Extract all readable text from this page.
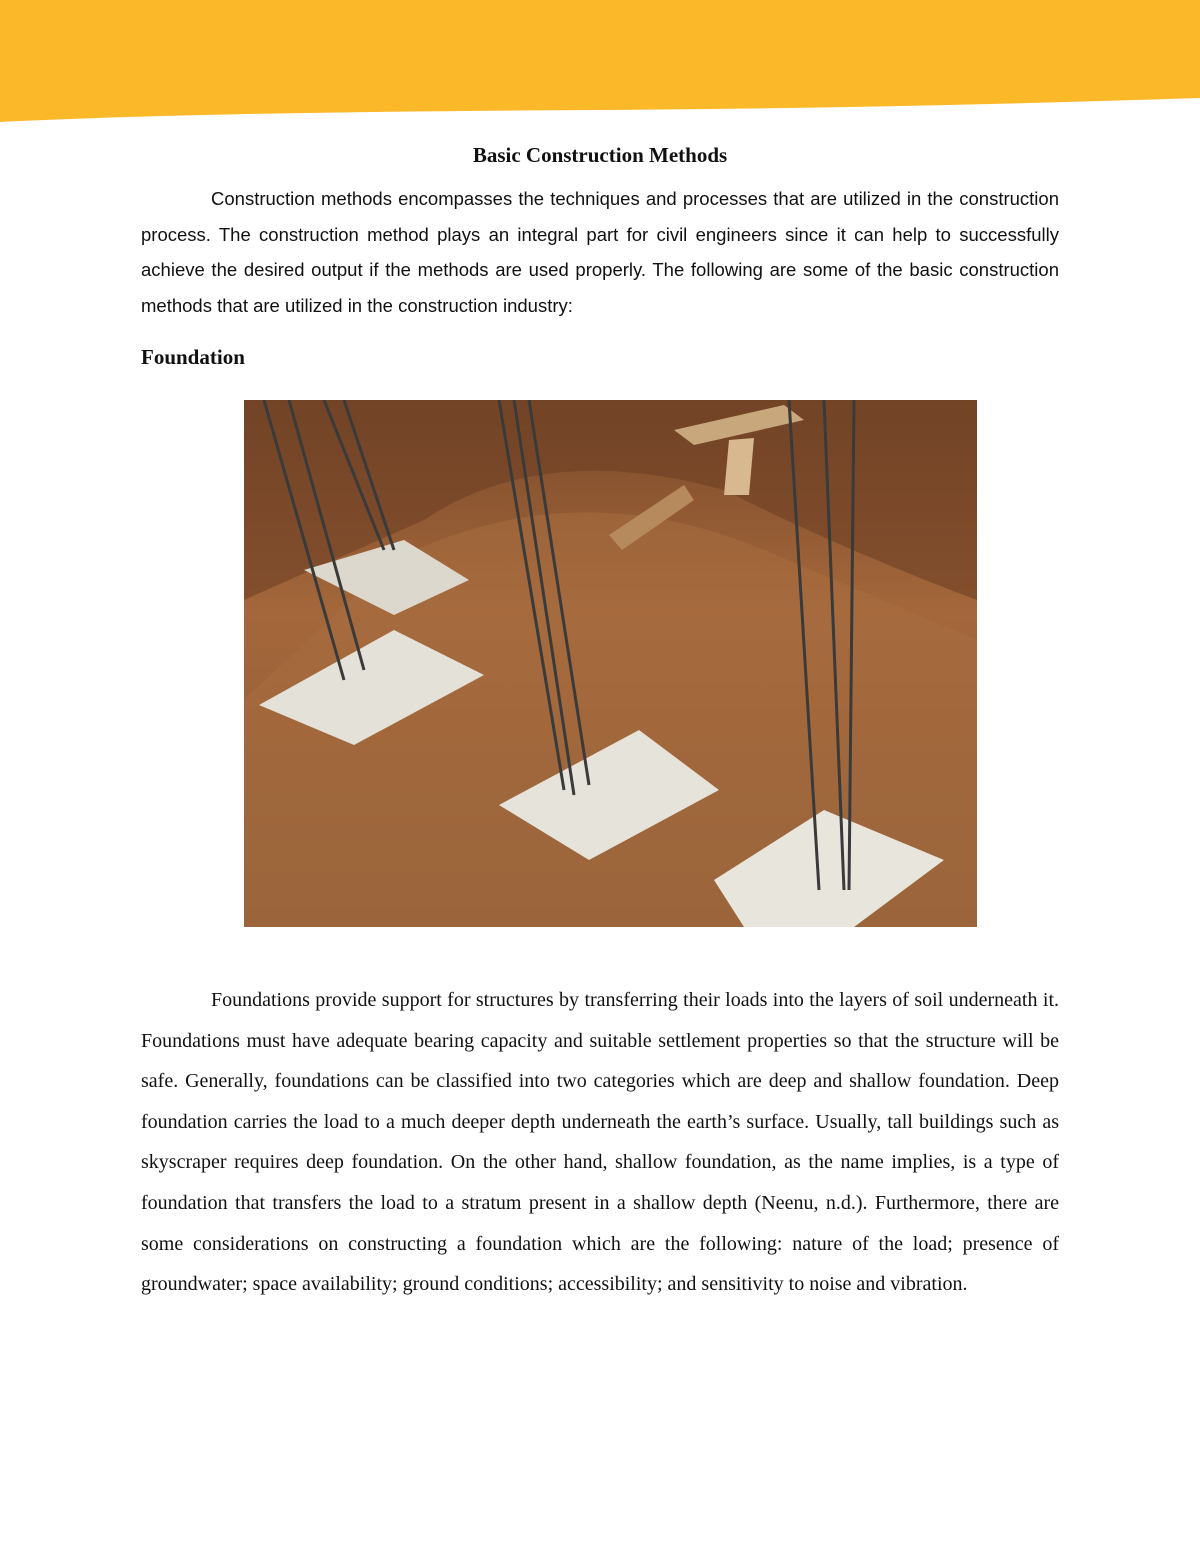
Basic Construction Methods

Construction methods encompasses the techniques and processes that are utilized in the construction process. The construction method plays an integral part for civil engineers since it can help to successfully achieve the desired output if the methods are used properly. The following are some of the basic construction methods that are utilized in the construction industry:

Foundation

Foundations provide support for structures by transferring their loads into the layers of soil underneath it. Foundations must have adequate bearing capacity and suitable settlement properties so that the structure will be safe. Generally, foundations can be classified into two categories which are deep and shallow foundation. Deep foundation carries the load to a much deeper depth underneath the earth’s surface. Usually, tall buildings such as skyscraper requires deep foundation. On the other hand, shallow foundation, as the name implies, is a type of foundation that transfers the load to a stratum present in a shallow depth (Neenu, n.d.). Furthermore, there are some considerations on constructing a foundation which are the following: nature of the load; presence of groundwater; space availability; ground conditions; accessibility; and sensitivity to noise and vibration.
